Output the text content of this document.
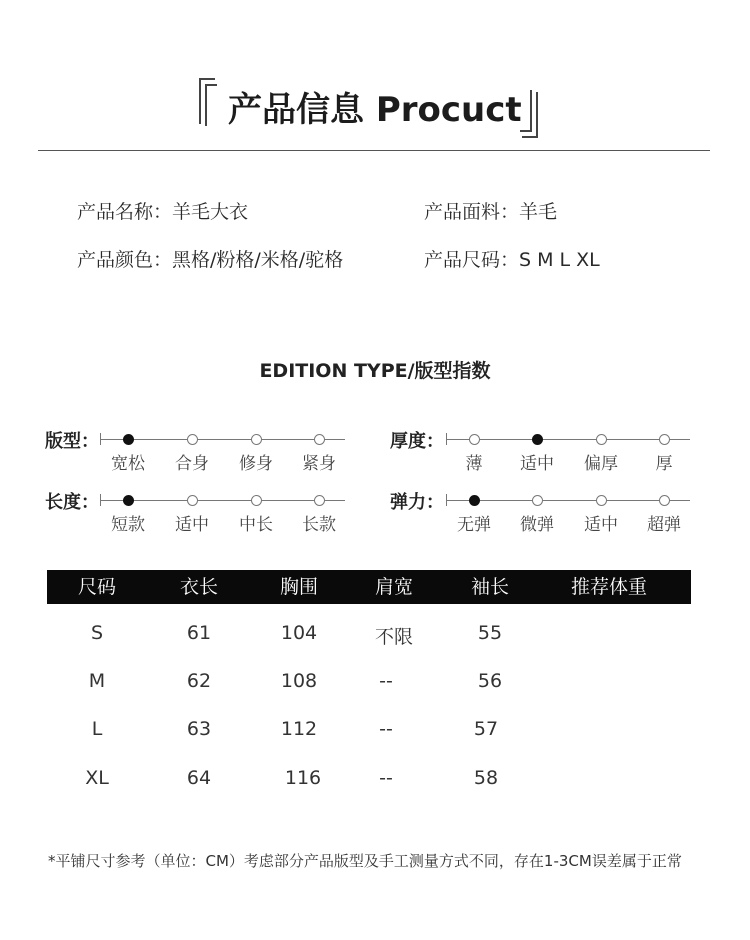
产品信息 Procuct
产品名称：羊毛大衣	产品面料：羊毛
产品颜色：黑格/粉格/米格/驼格	产品尺码：S M L XL
EDITION TYPE/版型指数
版型：
宽松	合身	修身	紧身
厚度：
薄	适中	偏厚	厚
长度：
短款	适中	中长	长款
弹力：
无弹	微弹	适中	超弹
尺码	衣长	胸围	肩宽	袖长	推荐体重
S	61	104	不限	55
M	62	108	--	56
L	63	112	--	57
XL	64	116	--	58
*平铺尺寸参考（单位：CM）考虑部分产品版型及手工测量方式不同，存在1-3CM误差属于正常
